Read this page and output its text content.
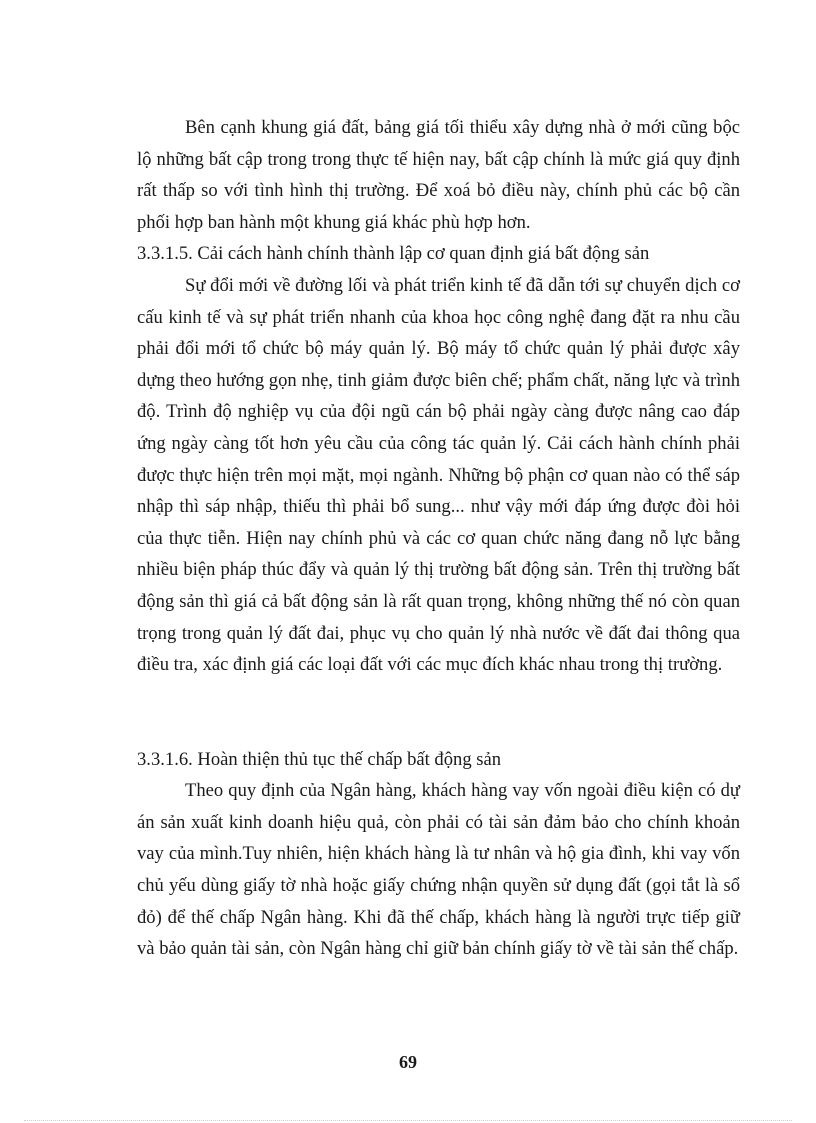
Bên cạnh khung giá đất, bảng giá tối thiểu xây dựng nhà ở mới cũng bộc lộ những bất cập trong trong thực tế hiện nay, bất cập chính là mức giá quy định rất thấp so với tình hình thị trường. Để xoá bỏ điều này, chính phủ các bộ cần phối hợp ban hành một khung giá khác phù hợp hơn.

3.3.1.5. Cải cách hành chính thành lập cơ quan định giá bất động sản

Sự đổi mới về đường lối và phát triển kinh tế đã dẫn tới sự chuyển dịch cơ cấu kinh tế và sự phát triển nhanh của khoa học công nghệ đang đặt ra nhu cầu phải đổi mới tổ chức bộ máy quản lý. Bộ máy tổ chức quản lý phải được xây dựng theo hướng gọn nhẹ, tinh giảm được biên chế; phẩm chất, năng lực và trình độ. Trình độ nghiệp vụ của đội ngũ cán bộ phải ngày càng được nâng cao đáp ứng ngày càng tốt hơn yêu cầu của công tác quản lý. Cải cách hành chính phải được thực hiện trên mọi mặt, mọi ngành. Những bộ phận cơ quan nào có thể sáp nhập thì sáp nhập, thiếu thì phải bổ sung... như vậy mới đáp ứng được đòi hỏi của thực tiễn. Hiện nay chính phủ và các cơ quan chức năng đang nỗ lực bằng nhiều biện pháp thúc đẩy và quản lý thị trường bất động sản. Trên thị trường bất động sản thì giá cả bất động sản là rất quan trọng, không những thế nó còn quan trọng trong quản lý đất đai, phục vụ cho quản lý nhà nước về đất đai thông qua điều tra, xác định giá các loại đất với các mục đích khác nhau trong thị trường.

3.3.1.6. Hoàn thiện thủ tục thế chấp bất động sản

Theo quy định của Ngân hàng, khách hàng vay vốn ngoài điều kiện có dự án sản xuất kinh doanh hiệu quả, còn phải có tài sản đảm bảo cho chính khoản vay của mình.Tuy nhiên, hiện khách hàng là tư nhân và hộ gia đình, khi vay vốn chủ yếu dùng giấy tờ nhà hoặc giấy chứng nhận quyền sử dụng đất (gọi tắt là sổ đỏ) để thế chấp Ngân hàng. Khi đã thế chấp, khách hàng là người trực tiếp giữ và bảo quản tài sản, còn Ngân hàng chỉ giữ bản chính giấy tờ về tài sản thế chấp.

69
